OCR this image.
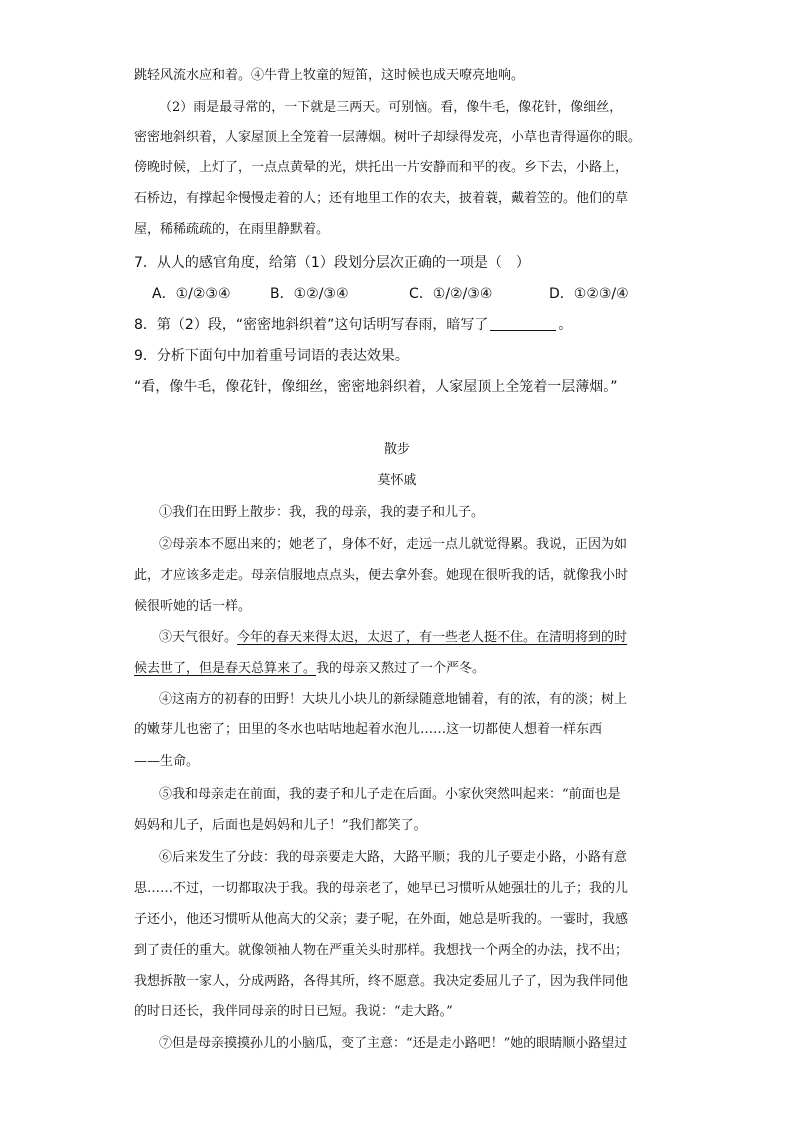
跳轻风流水应和着。④牛背上牧童的短笛，这时候也成天嘹亮地响。
（2）雨是最寻常的，一下就是三两天。可别恼。看，像牛毛，像花针，像细丝，
密密地斜织着，人家屋顶上全笼着一层薄烟。树叶子却绿得发亮，小草也青得逼你的眼。
傍晚时候，上灯了，一点点黄晕的光，烘托出一片安静而和平的夜。乡下去，小路上，
石桥边，有撑起伞慢慢走着的人；还有地里工作的农夫，披着蓑，戴着笠的。他们的草
屋，稀稀疏疏的，在雨里静默着。
7．从人的感官角度，给第（1）段划分层次正确的一项是（　）
A．①/②③④	B．①②/③④	C．①/②/③④	D．①②③/④
8．第（2）段，“密密地斜织着”这句话明写春雨，暗写了	。
9．分析下面句中加着重号词语的表达效果。
“看，像牛毛，像花针，像细丝，密密地斜织着，人家屋顶上全笼着一层薄烟。”
散步
莫怀戚
①我们在田野上散步：我，我的母亲，我的妻子和儿子。
②母亲本不愿出来的；她老了，身体不好，走远一点儿就觉得累。我说，正因为如
此，才应该多走走。母亲信服地点点头，便去拿外套。她现在很听我的话，就像我小时
候很听她的话一样。
③天气很好。今年的春天来得太迟，太迟了，有一些老人挺不住。在清明将到的时
候去世了，但是春天总算来了。我的母亲又熬过了一个严冬。
④这南方的初春的田野！大块儿小块儿的新绿随意地铺着，有的浓，有的淡；树上
的嫩芽儿也密了；田里的冬水也咕咕地起着水泡儿……这一切都使人想着一样东西
——生命。
⑤我和母亲走在前面，我的妻子和儿子走在后面。小家伙突然叫起来：“前面也是
妈妈和儿子，后面也是妈妈和儿子！”我们都笑了。
⑥后来发生了分歧：我的母亲要走大路，大路平顺；我的儿子要走小路，小路有意
思……不过，一切都取决于我。我的母亲老了，她早已习惯听从她强壮的儿子；我的儿
子还小，他还习惯听从他高大的父亲；妻子呢，在外面，她总是听我的。一霎时，我感
到了责任的重大。就像领袖人物在严重关头时那样。我想找一个两全的办法，找不出；
我想拆散一家人，分成两路，各得其所，终不愿意。我决定委屈儿子了，因为我伴同他
的时日还长，我伴同母亲的时日已短。我说：“走大路。”
⑦但是母亲摸摸孙儿的小脑瓜，变了主意：“还是走小路吧！”她的眼睛顺小路望过
